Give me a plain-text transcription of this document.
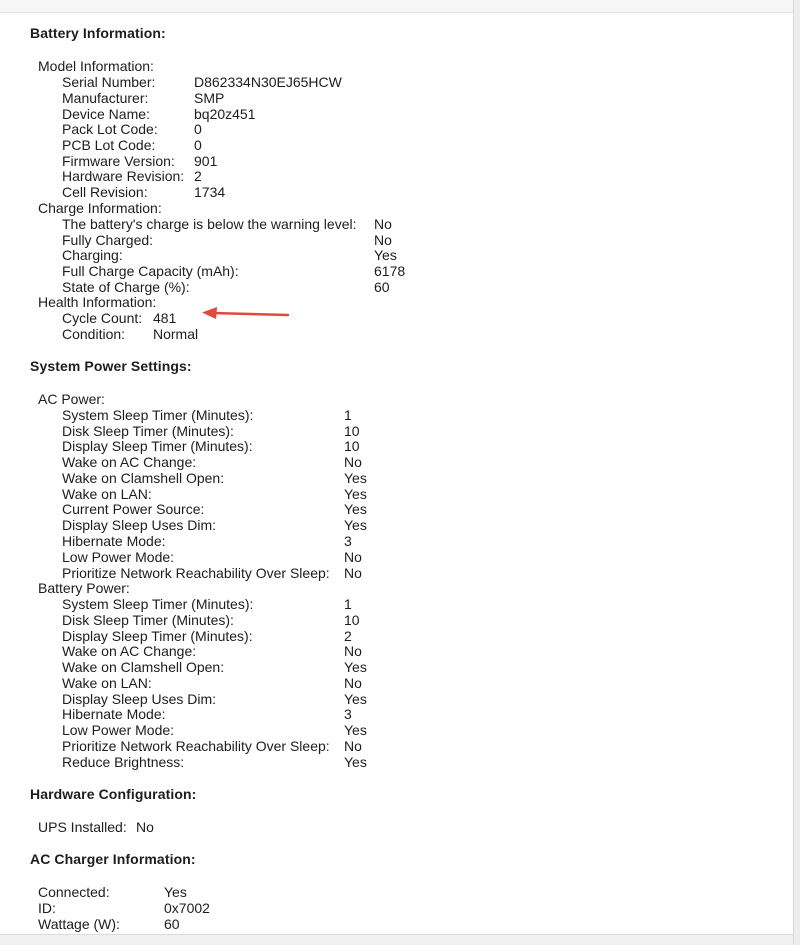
Battery Information:
Model Information:
Serial Number:	D862334N30EJ65HCW
Manufacturer:	SMP
Device Name:	bq20z451
Pack Lot Code:	0
PCB Lot Code:	0
Firmware Version: 901
Hardware Revision: 2
Cell Revision:	1734
Charge Information:
The battery's charge is below the warning level: No
Fully Charged:	No
Charging:	Yes
Full Charge Capacity (mAh):	6178
State of Charge (%):	60
Health Information:
Cycle Count: 481
Condition: Normal
System Power Settings:
AC Power:
System Sleep Timer (Minutes):	1
Disk Sleep Timer (Minutes):	10
Display Sleep Timer (Minutes):	10
Wake on AC Change:	No
Wake on Clamshell Open:	Yes
Wake on LAN:	Yes
Current Power Source:	Yes
Display Sleep Uses Dim:	Yes
Hibernate Mode:	3
Low Power Mode:	No
Prioritize Network Reachability Over Sleep: No
Battery Power:
System Sleep Timer (Minutes):	1
Disk Sleep Timer (Minutes):	10
Display Sleep Timer (Minutes):	2
Wake on AC Change:	No
Wake on Clamshell Open:	Yes
Wake on LAN:	No
Display Sleep Uses Dim:	Yes
Hibernate Mode:	3
Low Power Mode:	Yes
Prioritize Network Reachability Over Sleep: No
Reduce Brightness:	Yes
Hardware Configuration:
UPS Installed: No
AC Charger Information:
Connected:	Yes
ID:	0x7002
Wattage (W):	60
